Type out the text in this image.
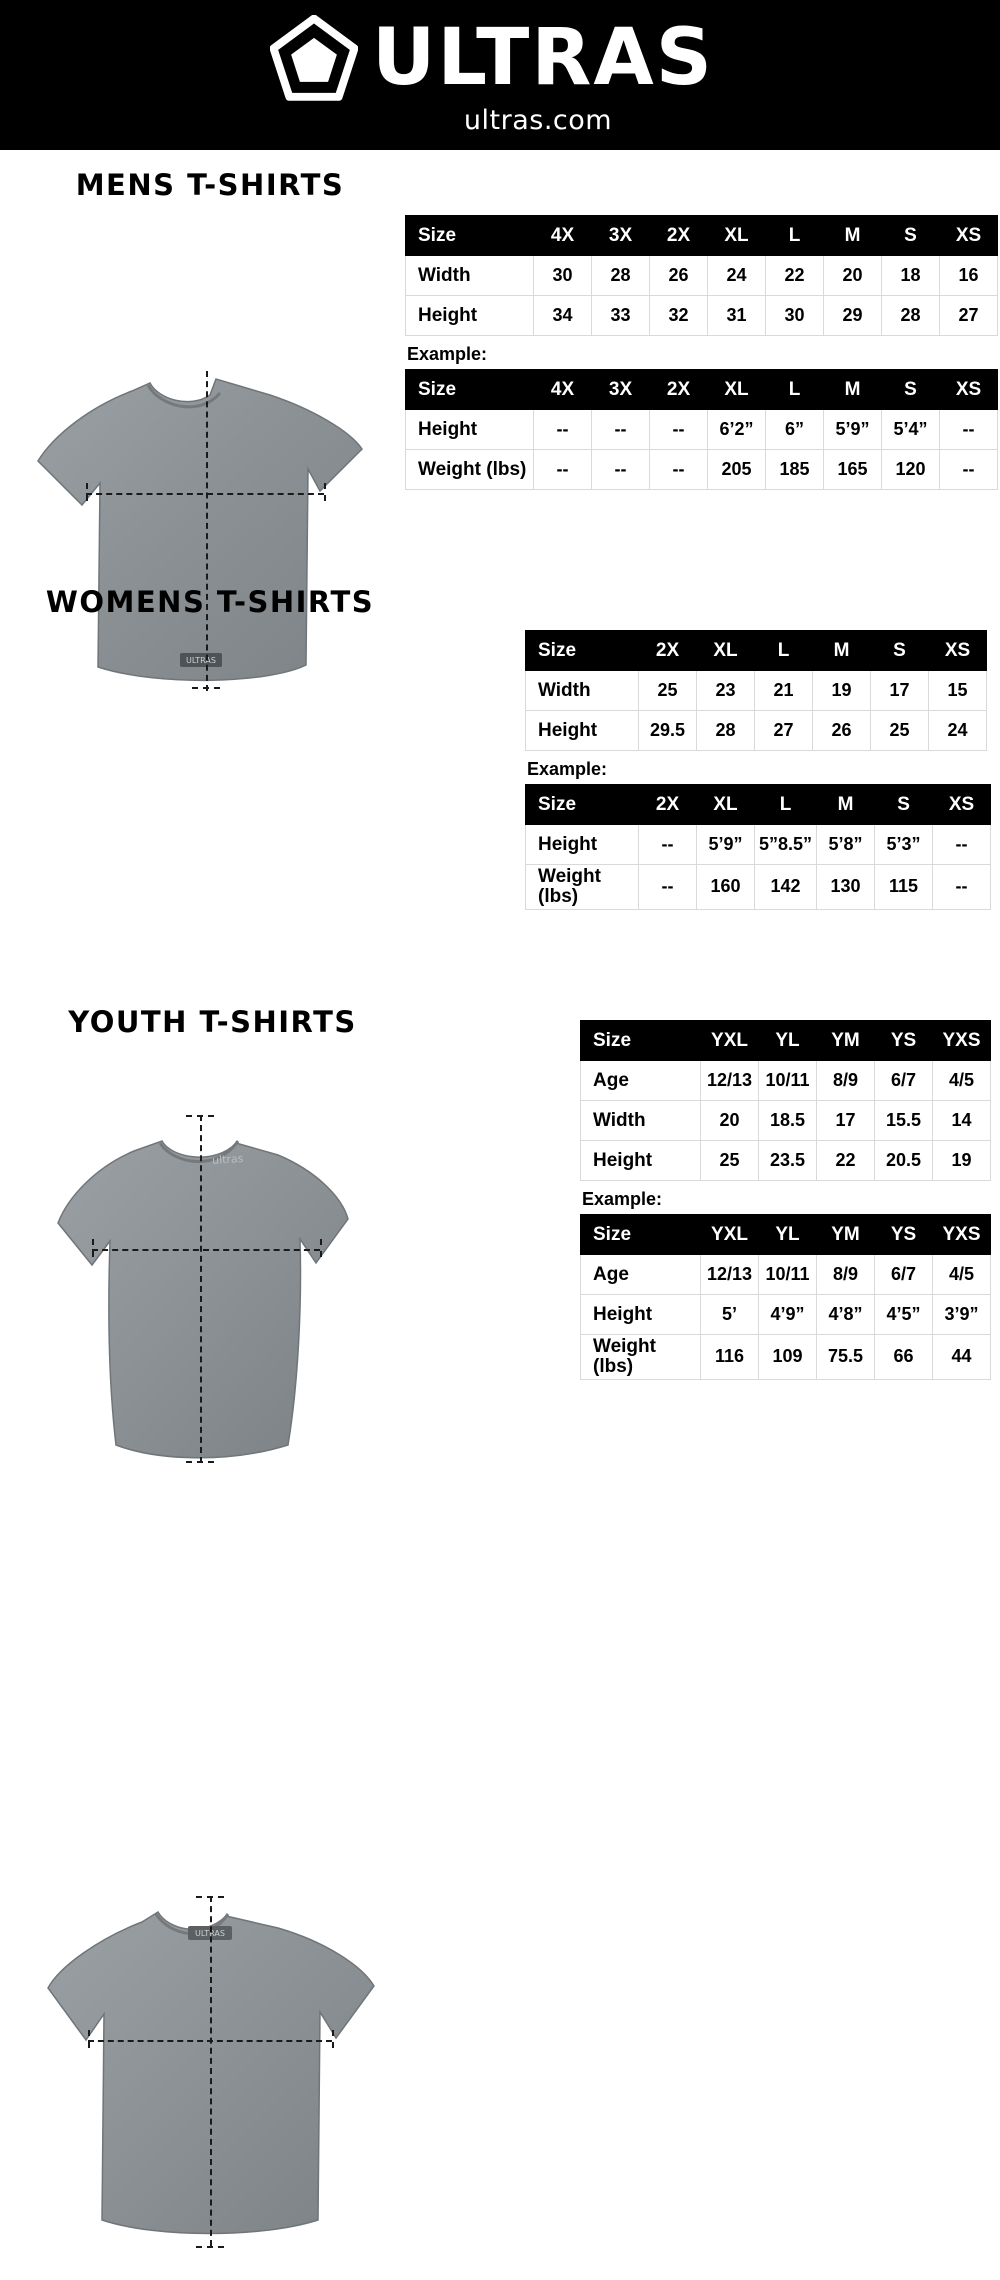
ULTRAS
ultras.com
MENS T-SHIRTS
ULTRAS
Size	4X	3X	2X	XL	L	M	S	XS
Width	30	28	26	24	22	20	18	16
Height	34	33	32	31	30	29	28	27
Example:
Size	4X	3X	2X	XL	L	M	S	XS
Height	--	--	--	6’2”	6”	5’9”	5’4”	--
Weight (lbs)	--	--	--	205	185	165	120	--
WOMENS T-SHIRTS
ultras
Size	2X	XL	L	M	S	XS
Width	25	23	21	19	17	15
Height	29.5	28	27	26	25	24
Example:
Size	2X	XL	L	M	S	XS
Height	--	5’9”	5”8.5”	5’8”	5’3”	--
Weight (lbs)	--	160	142	130	115	--
YOUTH T-SHIRTS
ULTRAS
Size	YXL	YL	YM	YS	YXS
Age	12/13	10/11	8/9	6/7	4/5
Width	20	18.5	17	15.5	14
Height	25	23.5	22	20.5	19
Example:
Size	YXL	YL	YM	YS	YXS
Age	12/13	10/11	8/9	6/7	4/5
Height	5’	4’9”	4’8”	4’5”	3’9”
Weight (lbs)	116	109	75.5	66	44
